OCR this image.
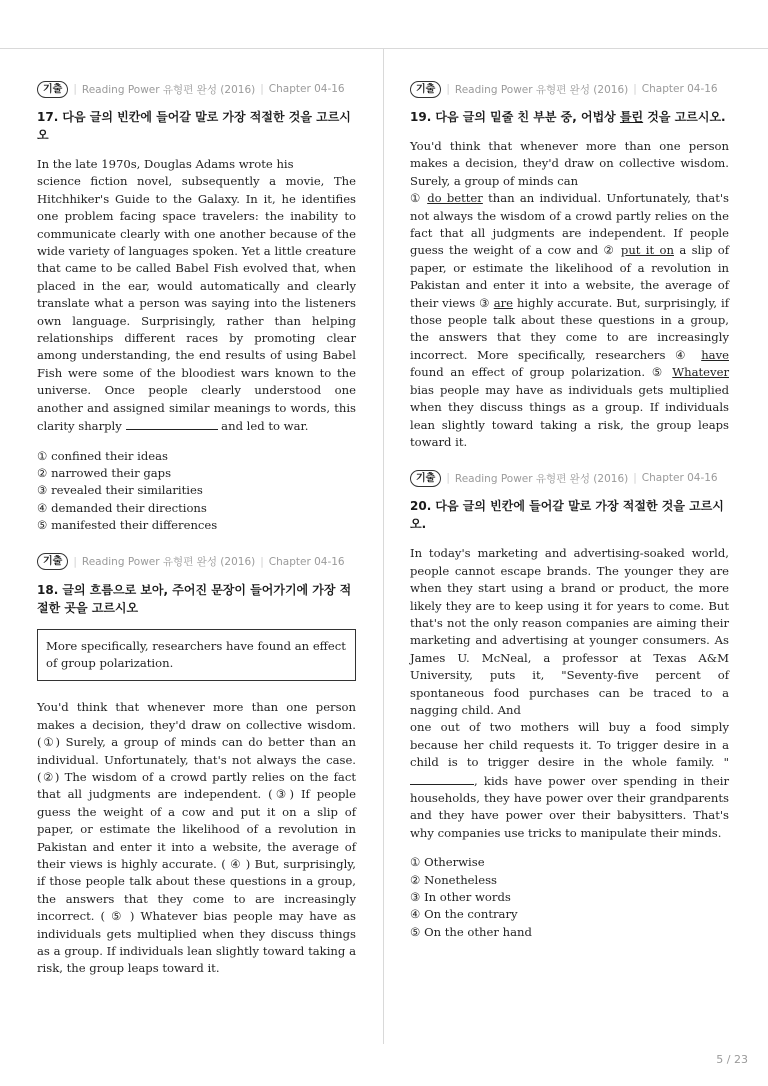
기출	| Reading Power 유형편 완성 (2016) | Chapter 04-16
17. 다음 글의 빈칸에 들어갈 말로 가장 적절한 것을 고르시오

In the late 1970s, Douglas Adams wrote his
science fiction novel, subsequently a movie, The Hitchhiker's Guide to the Galaxy. In it, he identifies one problem facing space travelers: the inability to communicate clearly with one another because of the wide variety of languages spoken. Yet a little creature that came to be called Babel Fish evolved that, when placed in the ear, would automatically and clearly translate what a person was saying into the listeners own language. Surprisingly, rather than helping relationships different races by promoting clear among understanding, the end results of using Babel Fish were some of the bloodiest wars known to the universe. Once people clearly understood one another and assigned similar meanings to words, this clarity sharply	and led to war.

① confined their ideas
② narrowed their gaps
③ revealed their similarities
④ demanded their directions
⑤ manifested their differences
기출	| Reading Power 유형편 완성 (2016) | Chapter 04-16
18. 글의 흐름으로 보아, 주어진 문장이 들어가기에 가장 적절한 곳을 고르시오
More specifically, researchers have found an effect of group polarization.

You'd think that whenever more than one person makes a decision, they'd draw on collective wisdom. (①) Surely, a group of minds can do better than an individual. Unfortunately, that's not always the case. (②) The wisdom of a crowd partly relies on the fact that all judgments are independent. (③) If people guess the weight of a cow and put it on a slip of paper, or estimate the likelihood of a revolution in Pakistan and enter it into a website, the average of their views is highly accurate. ( ④ ) But, surprisingly, if those people talk about these questions in a group, the answers that they come to are increasingly incorrect. ( ⑤ ) Whatever bias people may have as individuals gets multiplied when they discuss things as a group. If individuals lean slightly toward taking a risk, the group leaps toward it.

기출	| Reading Power 유형편 완성 (2016) | Chapter 04-16
19. 다음 글의 밑줄 친 부분 중, 어법상 틀린 것을 고르시오.

You'd think that whenever more than one person makes a decision, they'd draw on collective wisdom. Surely, a group of minds can
① do better than an individual. Unfortunately, that's not always the wisdom of a crowd partly relies on the fact that all judgments are independent. If people guess the weight of a cow and ② put it on a slip of paper, or estimate the likelihood of a revolution in Pakistan and enter it into a website, the average of their views ③ are highly accurate. But, surprisingly, if those people talk about these questions in a group, the answers that they come to are increasingly incorrect. More specifically, researchers ④ have found an effect of group polarization. ⑤ Whatever bias people may have as individuals gets multiplied when they discuss things as a group. If individuals lean slightly toward taking a risk, the group leaps toward it.

기출	| Reading Power 유형편 완성 (2016) | Chapter 04-16
20. 다음 글의 빈칸에 들어갈 말로 가장 적절한 것을 고르시오.

In today's marketing and advertising-soaked world, people cannot escape brands. The younger they are when they start using a brand or product, the more likely they are to keep using it for years to come. But that's not the only reason companies are aiming their marketing and advertising at younger consumers. As James U. McNeal, a professor at Texas A&M University, puts it, "Seventy-five percent of spontaneous food purchases can be traced to a nagging child. And
one out of two mothers will buy a food simply because her child requests it. To trigger desire in a child is to trigger desire in the whole family. " , kids have power over spending in their households, they have power over their grandparents and they have power over their babysitters. That's why companies use tricks to manipulate their minds.

① Otherwise
② Nonetheless
③ In other words
④ On the contrary
⑤ On the other hand
5 / 23
